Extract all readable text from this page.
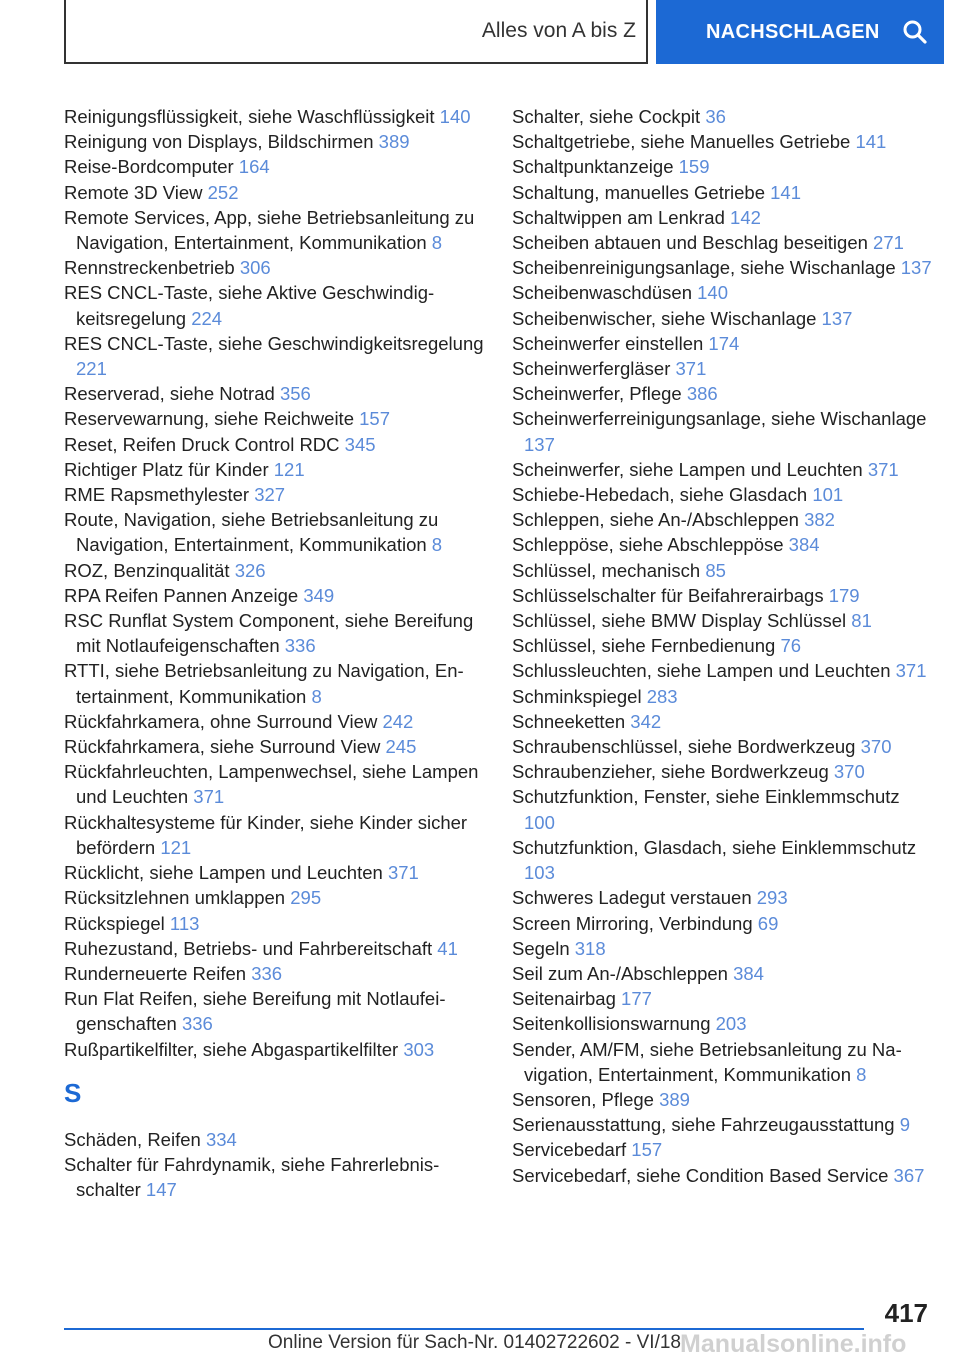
Alles von A bis Z	NACHSCHLAGEN
Reinigungsflüssigkeit, siehe Waschflüssigkeit 140
Reinigung von Displays, Bildschirmen 389
Reise-Bordcomputer 164
Remote 3D View 252
Remote Services, App, siehe Betriebsanleitung zu Navigation, Entertainment, Kommunikation 8
Rennstreckenbetrieb 306
RES CNCL-Taste, siehe Aktive Geschwindigkeitsregelung 224
RES CNCL-Taste, siehe Geschwindigkeitsregelung 221
Reserverad, siehe Notrad 356
Reservewarnung, siehe Reichweite 157
Reset, Reifen Druck Control RDC 345
Richtiger Platz für Kinder 121
RME Rapsmethylester 327
Route, Navigation, siehe Betriebsanleitung zu Navigation, Entertainment, Kommunikation 8
ROZ, Benzinqualität 326
RPA Reifen Pannen Anzeige 349
RSC Runflat System Component, siehe Bereifung mit Notlaufeigenschaften 336
RTTI, siehe Betriebsanleitung zu Navigation, Entertainment, Kommunikation 8
Rückfahrkamera, ohne Surround View 242
Rückfahrkamera, siehe Surround View 245
Rückfahrleuchten, Lampenwechsel, siehe Lampen und Leuchten 371
Rückhaltesysteme für Kinder, siehe Kinder sicher befördern 121
Rücklicht, siehe Lampen und Leuchten 371
Rücksitzlehnen umklappen 295
Rückspiegel 113
Ruhezustand, Betriebs- und Fahrbereitschaft 41
Runderneuerte Reifen 336
Run Flat Reifen, siehe Bereifung mit Notlaufeigenschaften 336
Rußpartikelfilter, siehe Abgaspartikelfilter 303
S
Schäden, Reifen 334
Schalter für Fahrdynamik, siehe Fahrerlebnisschalter 147
Schalter, siehe Cockpit 36
Schaltgetriebe, siehe Manuelles Getriebe 141
Schaltpunktanzeige 159
Schaltung, manuelles Getriebe 141
Schaltwippen am Lenkrad 142
Scheiben abtauen und Beschlag beseitigen 271
Scheibenreinigungsanlage, siehe Wischanlage 137
Scheibenwaschdüsen 140
Scheibenwischer, siehe Wischanlage 137
Scheinwerfer einstellen 174
Scheinwerfergläser 371
Scheinwerfer, Pflege 386
Scheinwerferreinigungsanlage, siehe Wischanlage 137
Scheinwerfer, siehe Lampen und Leuchten 371
Schiebe-Hebedach, siehe Glasdach 101
Schleppen, siehe An-/Abschleppen 382
Schleppöse, siehe Abschleppöse 384
Schlüssel, mechanisch 85
Schlüsselschalter für Beifahrerairbags 179
Schlüssel, siehe BMW Display Schlüssel 81
Schlüssel, siehe Fernbedienung 76
Schlussleuchten, siehe Lampen und Leuchten 371
Schminkspiegel 283
Schneeketten 342
Schraubenschlüssel, siehe Bordwerkzeug 370
Schraubenzieher, siehe Bordwerkzeug 370
Schutzfunktion, Fenster, siehe Einklemmschutz 100
Schutzfunktion, Glasdach, siehe Einklemmschutz 103
Schweres Ladegut verstauen 293
Screen Mirroring, Verbindung 69
Segeln 318
Seil zum An-/Abschleppen 384
Seitenairbag 177
Seitenkollisionswarnung 203
Sender, AM/FM, siehe Betriebsanleitung zu Navigation, Entertainment, Kommunikation 8
Sensoren, Pflege 389
Serienausstattung, siehe Fahrzeugausstattung 9
Servicebedarf 157
Servicebedarf, siehe Condition Based Service 367
417
Online Version für Sach-Nr. 01402722602 - VI/18 Manualsonline.info
